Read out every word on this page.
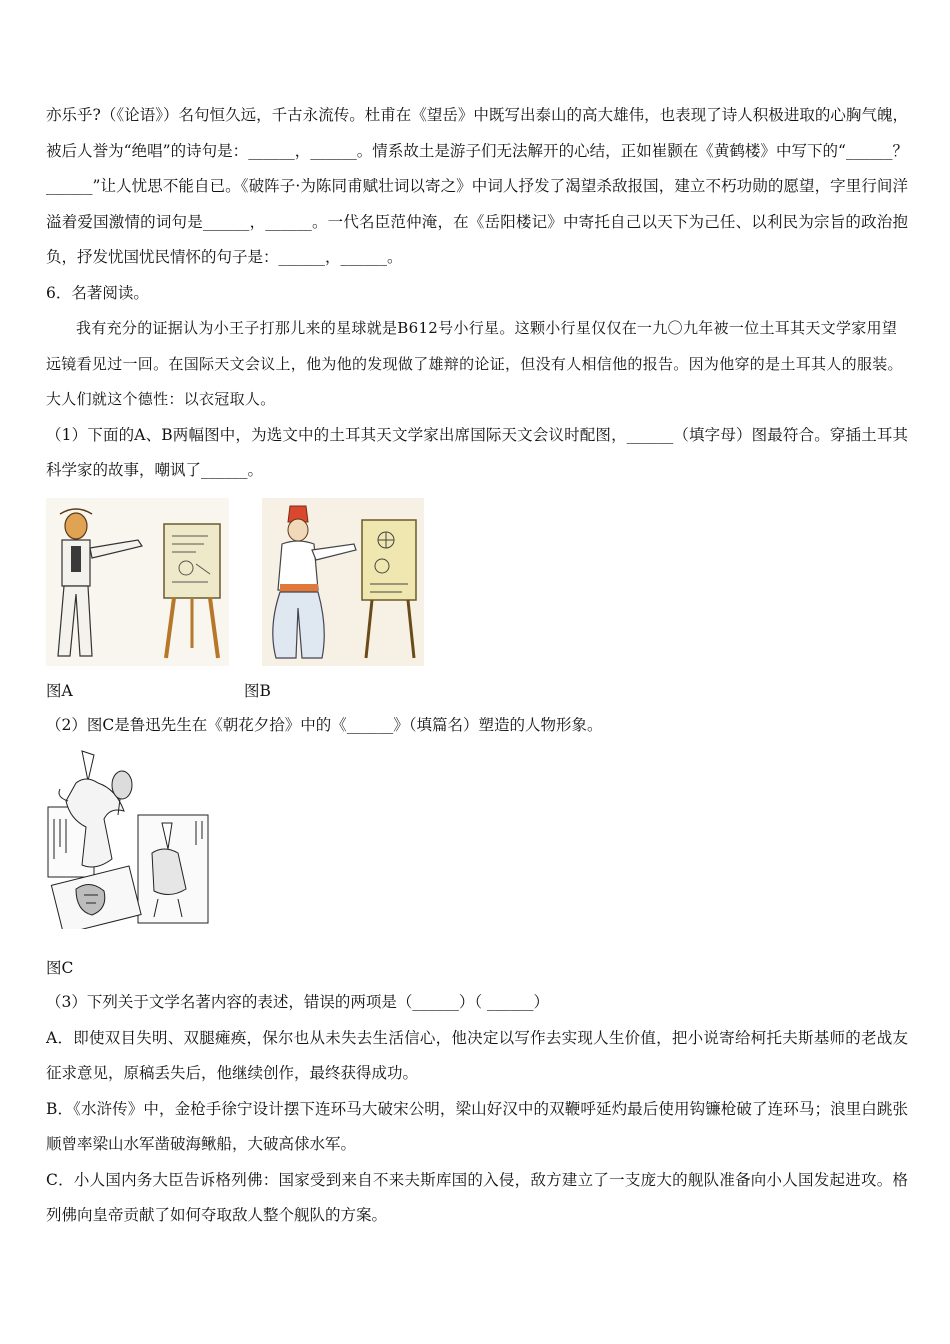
亦乐乎?（《论语》）名句恒久远，千古永流传。杜甫在《望岳》中既写出泰山的高大雄伟，也表现了诗人积极进取的心胸气魄，被后人誉为“绝唱”的诗句是：______，______。情系故土是游子们无法解开的心结，正如崔颢在《黄鹤楼》中写下的“______？______”让人忧思不能自已。《破阵子·为陈同甫赋壮词以寄之》中词人抒发了渴望杀敌报国，建立不朽功勋的愿望，字里行间洋溢着爱国激情的词句是______，______。一代名臣范仲淹，在《岳阳楼记》中寄托自己以天下为己任、以利民为宗旨的政治抱负，抒发忧国忧民情怀的句子是：______，______。

6．名著阅读。

我有充分的证据认为小王子打那儿来的星球就是B612号小行星。这颗小行星仅仅在一九〇九年被一位土耳其天文学家用望远镜看见过一回。在国际天文会议上，他为他的发现做了雄辩的论证，但没有人相信他的报告。因为他穿的是土耳其人的服装。大人们就这个德性：以衣冠取人。

（1）下面的A、B两幅图中，为选文中的土耳其天文学家出席国际天文会议时配图，______（填字母）图最符合。穿插土耳其科学家的故事，嘲讽了______。

图A	图B

（2）图C是鲁迅先生在《朝花夕拾》中的《______》（填篇名）塑造的人物形象。

图C

（3）下列关于文学名著内容的表述，错误的两项是（______）（ ______）

A．即使双目失明、双腿瘫痪，保尔也从未失去生活信心，他决定以写作去实现人生价值，把小说寄给柯托夫斯基师的老战友征求意见，原稿丢失后，他继续创作，最终获得成功。

B．《水浒传》中，金枪手徐宁设计摆下连环马大破宋公明，梁山好汉中的双鞭呼延灼最后使用钩镰枪破了连环马；浪里白跳张顺曾率梁山水军凿破海鳅船，大破高俅水军。

C．小人国内务大臣告诉格列佛：国家受到来自不来夫斯库国的入侵，敌方建立了一支庞大的舰队准备向小人国发起进攻。格列佛向皇帝贡献了如何夺取敌人整个舰队的方案。
